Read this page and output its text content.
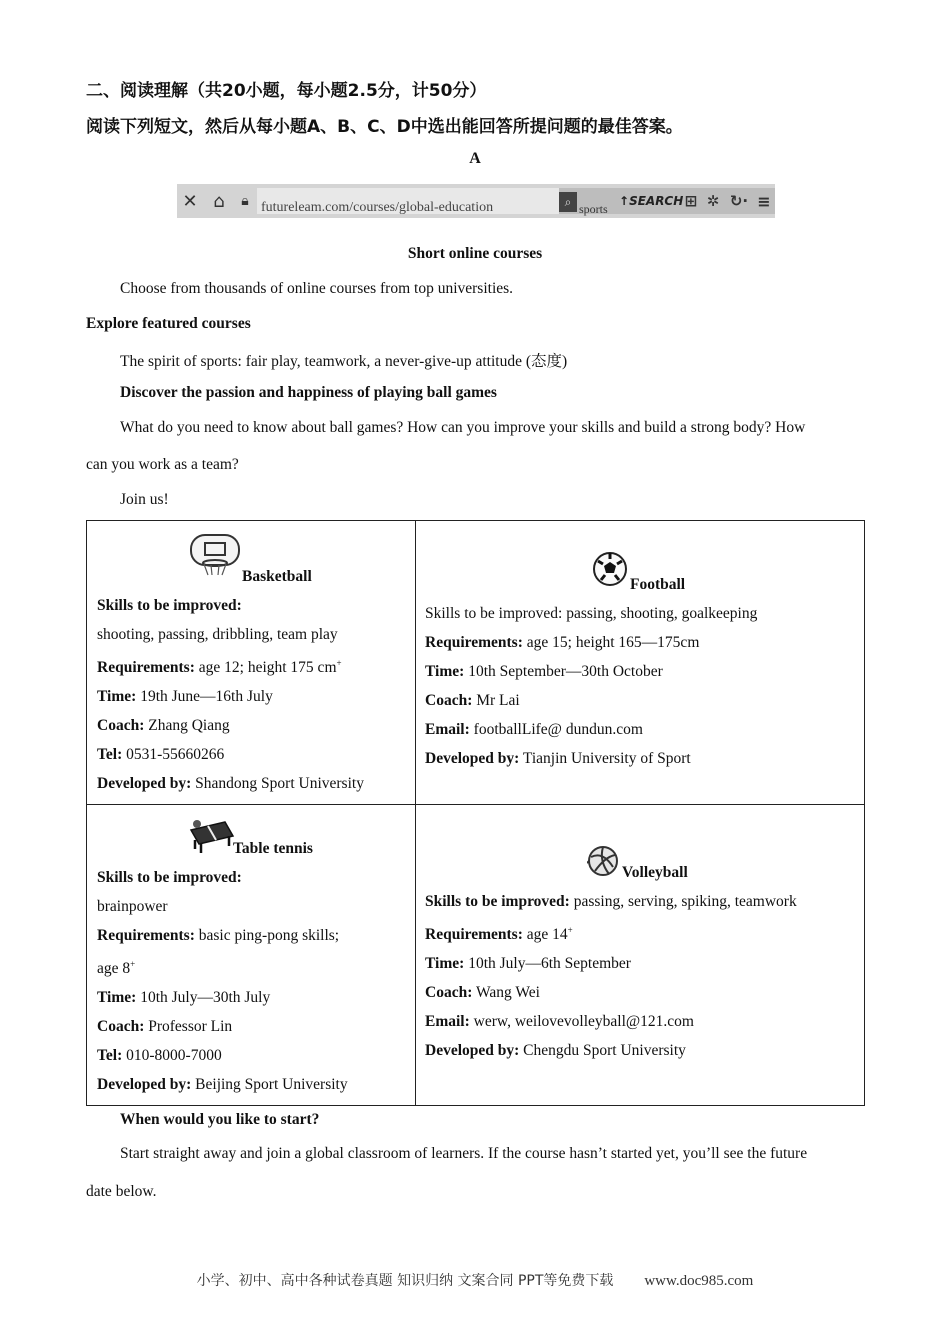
二、阅读理解（共20小题，每小题2.5分，计50分）
阅读下列短文，然后从每小题A、B、C、D中选出能回答所提问题的最佳答案。
A
✕ ⌂	🔒︎ futureleam.com/courses/global-education	⌕ sports
↑SEARCH ⊞ ✲ ↻· ≡
Short online courses
Choose from thousands of online courses from top universities.
Explore featured courses
The spirit of sports: fair play, teamwork, a never-give-up attitude (态度)
Discover the passion and happiness of playing ball games
What do you need to know about ball games? How can you improve your skills and build a strong body? How
can you work as a team?
Join us!
Basketball
Skills to be improved:
shooting, passing, dribbling, team play
Requirements: age 12; height 175 cm+
Time: 19th June—16th July
Coach: Zhang Qiang
Tel: 0531-55660266
Developed by: Shandong Sport University
Football
Skills to be improved: passing, shooting, goalkeeping
Requirements: age 15; height 165—175cm
Time: 10th September—30th October
Coach: Mr Lai
Email: footballLife@ dundun.com
Developed by: Tianjin University of Sport
Table tennis
Skills to be improved:
brainpower
Requirements: basic ping-pong skills;
age 8+
Time: 10th July—30th July
Coach: Professor Lin
Tel: 010-8000-7000
Developed by: Beijing Sport University
Volleyball
Skills to be improved: passing, serving, spiking, teamwork
Requirements: age 14+
Time: 10th July—6th September
Coach: Wang Wei
Email: werw, weilovevolleyball@121.com
Developed by: Chengdu Sport University
When would you like to start?
Start straight away and join a global classroom of learners. If the course hasn’t started yet, you’ll see the future
date below.
小学、初中、高中各种试卷真题 知识归纳 文案合同 PPT等免费下载 www.doc985.com
